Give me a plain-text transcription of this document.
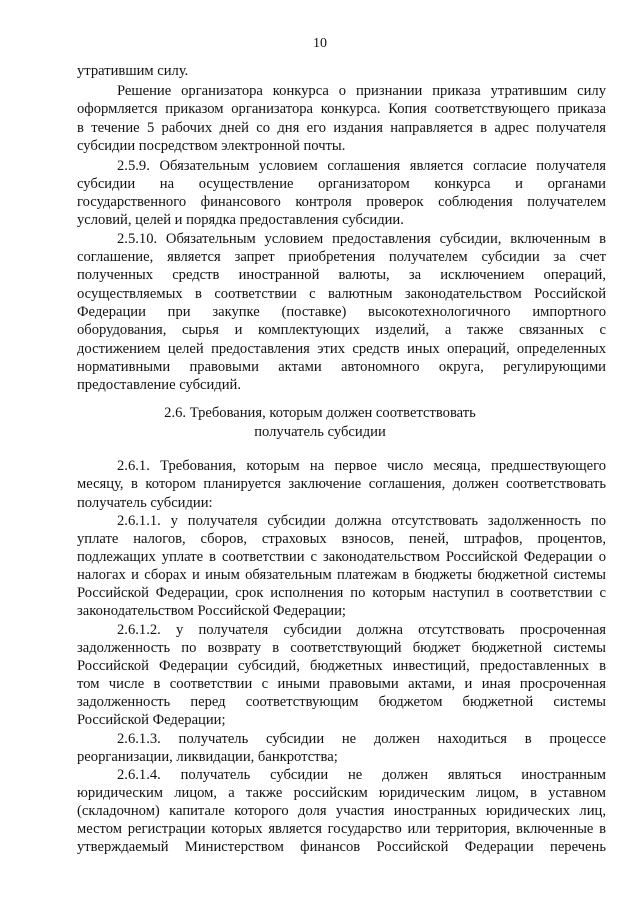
10
утратившим силу.
Решение организатора конкурса о признании приказа утратившим силу
оформляется приказом организатора конкурса. Копия соответствующего приказа
в течение 5 рабочих дней со дня его издания направляется в адрес получателя
субсидии посредством электронной почты.
2.5.9. Обязательным условием соглашения является согласие получателя
субсидии на осуществление организатором конкурса и органами
государственного финансового контроля проверок соблюдения получателем
условий, целей и порядка предоставления субсидии.
2.5.10. Обязательным условием предоставления субсидии, включенным в
соглашение, является запрет приобретения получателем субсидии за счет
полученных средств иностранной валюты, за исключением операций,
осуществляемых в соответствии с валютным законодательством Российской
Федерации при закупке (поставке) высокотехнологичного импортного
оборудования, сырья и комплектующих изделий, а также связанных с
достижением целей предоставления этих средств иных операций, определенных
нормативными правовыми актами автономного округа, регулирующими
предоставление субсидий.
2.6. Требования, которым должен соответствовать
получатель субсидии
2.6.1. Требования, которым на первое число месяца, предшествующего
месяцу, в котором планируется заключение соглашения, должен соответствовать
получатель субсидии:
2.6.1.1. у получателя субсидии должна отсутствовать задолженность по
уплате налогов, сборов, страховых взносов, пеней, штрафов, процентов,
подлежащих уплате в соответствии с законодательством Российской Федерации о
налогах и сборах и иным обязательным платежам в бюджеты бюджетной системы
Российской Федерации, срок исполнения по которым наступил в соответствии с
законодательством Российской Федерации;
2.6.1.2. у получателя субсидии должна отсутствовать просроченная
задолженность по возврату в соответствующий бюджет бюджетной системы
Российской Федерации субсидий, бюджетных инвестиций, предоставленных в
том числе в соответствии с иными правовыми актами, и иная просроченная
задолженность перед соответствующим бюджетом бюджетной системы
Российской Федерации;
2.6.1.3. получатель субсидии не должен находиться в процессе
реорганизации, ликвидации, банкротства;
2.6.1.4. получатель субсидии не должен являться иностранным
юридическим лицом, а также российским юридическим лицом, в уставном
(складочном) капитале которого доля участия иностранных юридических лиц,
местом регистрации которых является государство или территория, включенные в
утверждаемый Министерством финансов Российской Федерации перечень
